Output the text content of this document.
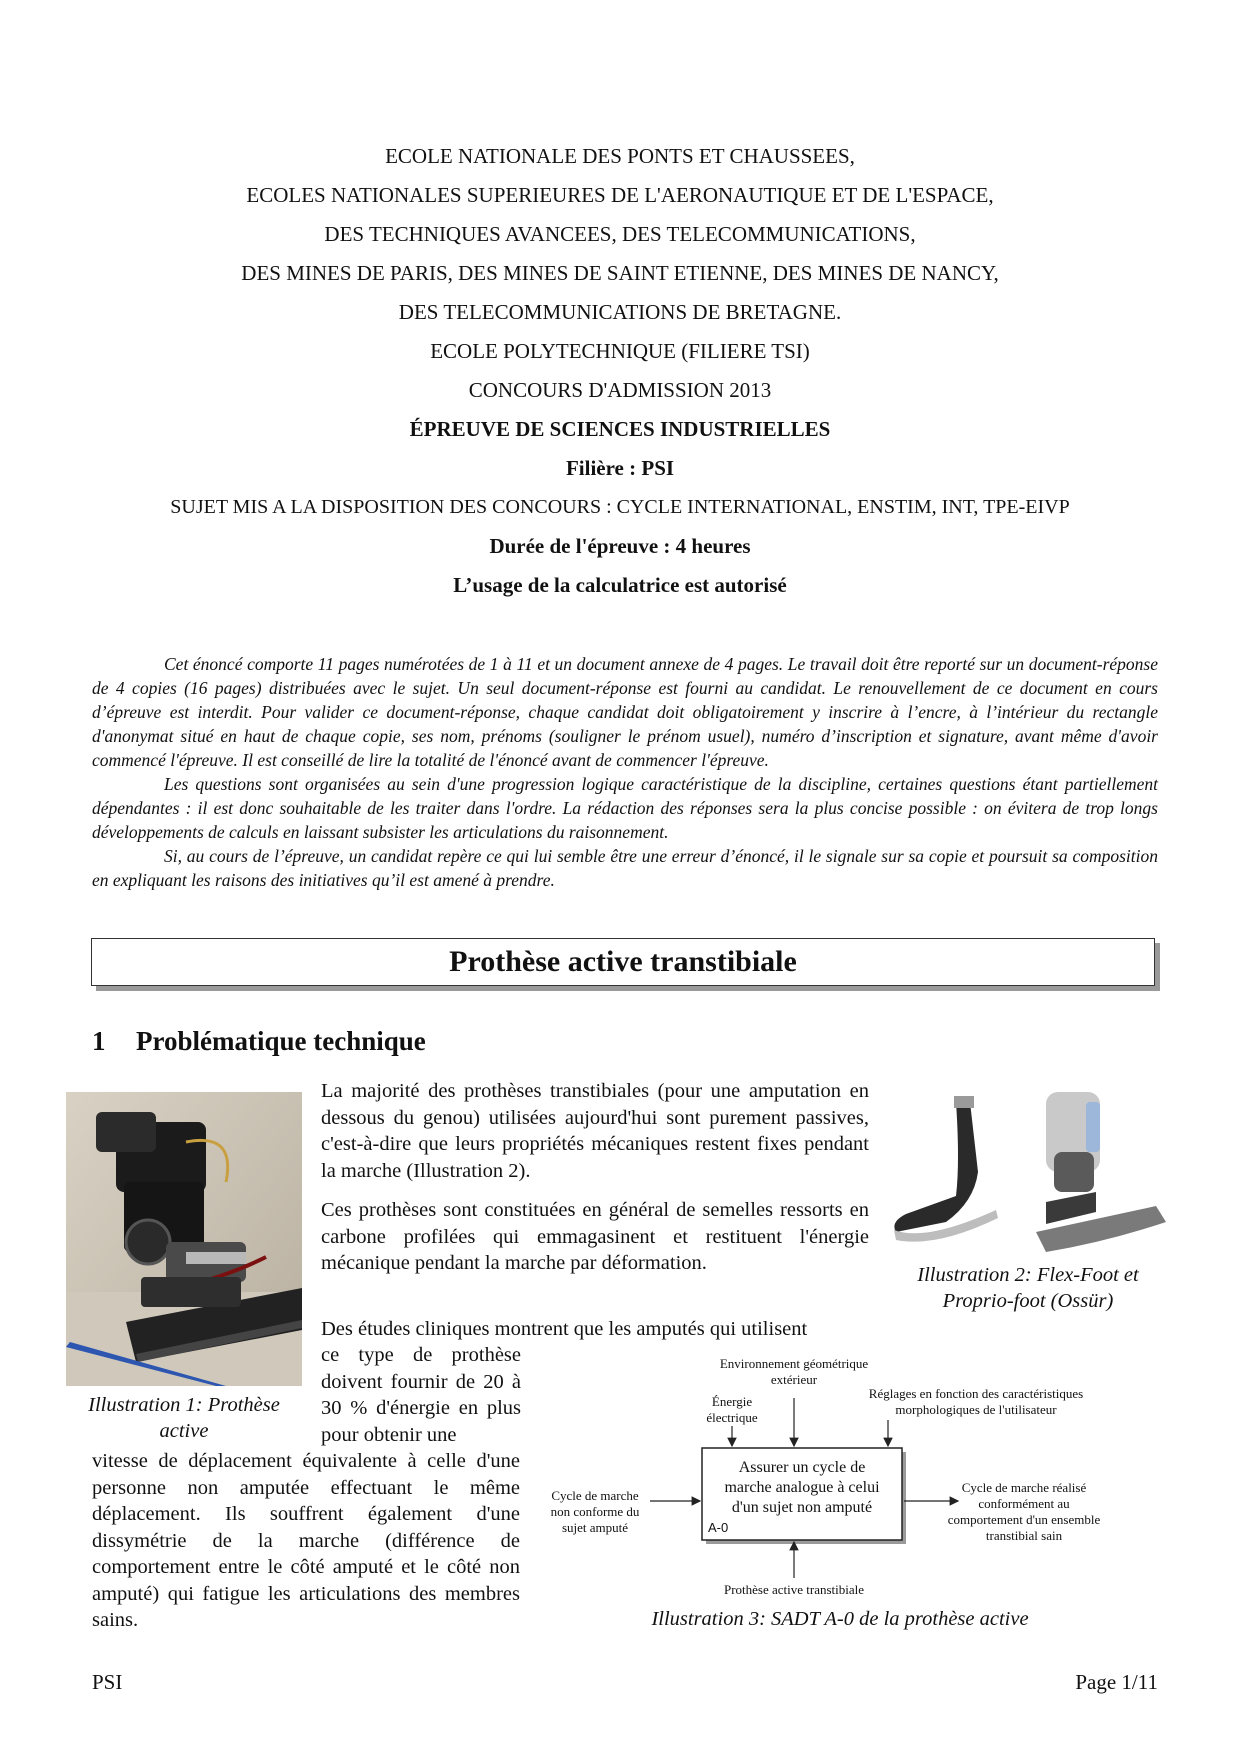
ECOLE NATIONALE DES PONTS ET CHAUSSEES,
ECOLES NATIONALES SUPERIEURES DE L'AERONAUTIQUE ET DE L'ESPACE,
DES TECHNIQUES AVANCEES, DES TELECOMMUNICATIONS,
DES MINES DE PARIS, DES MINES DE SAINT ETIENNE, DES MINES DE NANCY,
DES TELECOMMUNICATIONS DE BRETAGNE.
ECOLE POLYTECHNIQUE (FILIERE TSI)
CONCOURS D'ADMISSION 2013
ÉPREUVE DE SCIENCES INDUSTRIELLES
Filière : PSI
SUJET MIS A LA DISPOSITION DES CONCOURS : CYCLE INTERNATIONAL, ENSTIM, INT, TPE-EIVP
Durée de l'épreuve : 4 heures
L’usage de la calculatrice est autorisé

Cet énoncé comporte 11 pages numérotées de 1 à 11 et un document annexe de 4 pages. Le travail doit être reporté sur un document-réponse de 4 copies (16 pages) distribuées avec le sujet. Un seul document-réponse est fourni au candidat. Le renouvellement de ce document en cours d’épreuve est interdit. Pour valider ce document-réponse, chaque candidat doit obligatoirement y inscrire à l’encre, à l’intérieur du rectangle d'anonymat situé en haut de chaque copie, ses nom, prénoms (souligner le prénom usuel), numéro d’inscription et signature, avant même d'avoir commencé l'épreuve. Il est conseillé de lire la totalité de l'énoncé avant de commencer l'épreuve.

Les questions sont organisées au sein d'une progression logique caractéristique de la discipline, certaines questions étant partiellement dépendantes : il est donc souhaitable de les traiter dans l'ordre. La rédaction des réponses sera la plus concise possible : on évitera de trop longs développements de calculs en laissant subsister les articulations du raisonnement.

Si, au cours de l’épreuve, un candidat repère ce qui lui semble être une erreur d’énoncé, il le signale sur sa copie et poursuit sa composition en expliquant les raisons des initiatives qu’il est amené à prendre.

Prothèse active transtibiale
1 Problématique technique
Illustration 1: Prothèse active
La majorité des prothèses transtibiales (pour une amputation en dessous du genou) utilisées aujourd'hui sont purement passives, c'est-à-dire que leurs propriétés mécaniques restent fixes pendant la marche (Illustration 2).
Ces prothèses sont constituées en général de semelles ressorts en carbone profilées qui emmagasinent et restituent l'énergie mécanique pendant la marche par déformation.
Des études cliniques montrent que les amputés qui utilisent
ce type de prothèse doivent fournir de 20 à 30 % d'énergie en plus pour obtenir une
vitesse de déplacement équivalente à celle d'une personne non amputée effectuant le même déplacement. Ils souffrent également d'une dissymétrie de la marche (différence de comportement entre le côté amputé et le côté non amputé) qui fatigue les articulations des membres sains.
Illustration 2: Flex-Foot et Proprio-foot (Ossür)
Environnement géométrique extérieur
Énergie électrique
Réglages en fonction des caractéristiques morphologiques de l'utilisateur
Cycle de marche non conforme du sujet amputé
Cycle de marche réalisé conformément au comportement d'un ensemble transtibial sain
Assurer un cycle de marche analogue à celui d'un sujet non amputé
A-0
Prothèse active transtibiale
Illustration 3: SADT A-0 de la prothèse active
PSI	Page 1/11
